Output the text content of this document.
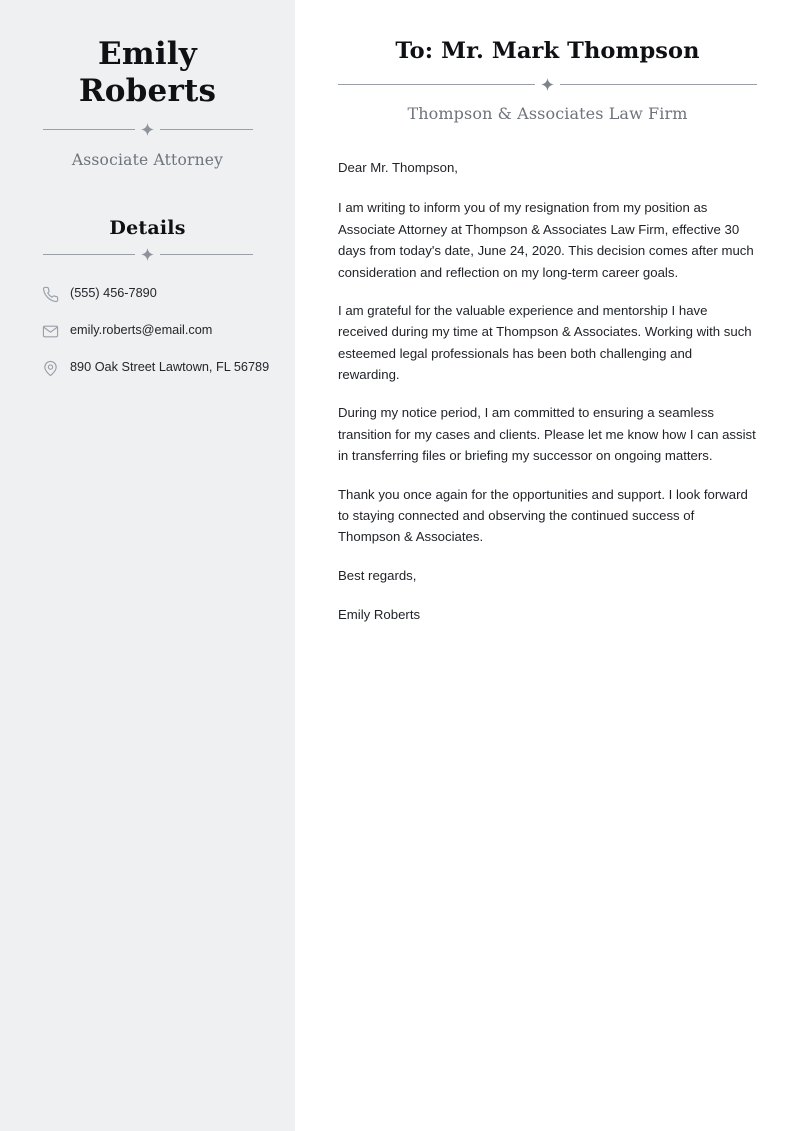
Emily
Roberts
Associate Attorney
Details
(555) 456-7890
emily.roberts@email.com
890 Oak Street Lawtown, FL 56789
To: Mr. Mark Thompson
Thompson & Associates Law Firm

Dear Mr. Thompson,

I am writing to inform you of my resignation from my position as Associate Attorney at Thompson & Associates Law Firm, effective 30 days from today's date, June 24, 2020. This decision comes after much consideration and reflection on my long-term career goals.

I am grateful for the valuable experience and mentorship I have received during my time at Thompson & Associates. Working with such esteemed legal professionals has been both challenging and rewarding.

During my notice period, I am committed to ensuring a seamless transition for my cases and clients. Please let me know how I can assist in transferring files or briefing my successor on ongoing matters.

Thank you once again for the opportunities and support. I look forward to staying connected and observing the continued success of Thompson & Associates.

Best regards,

Emily Roberts
